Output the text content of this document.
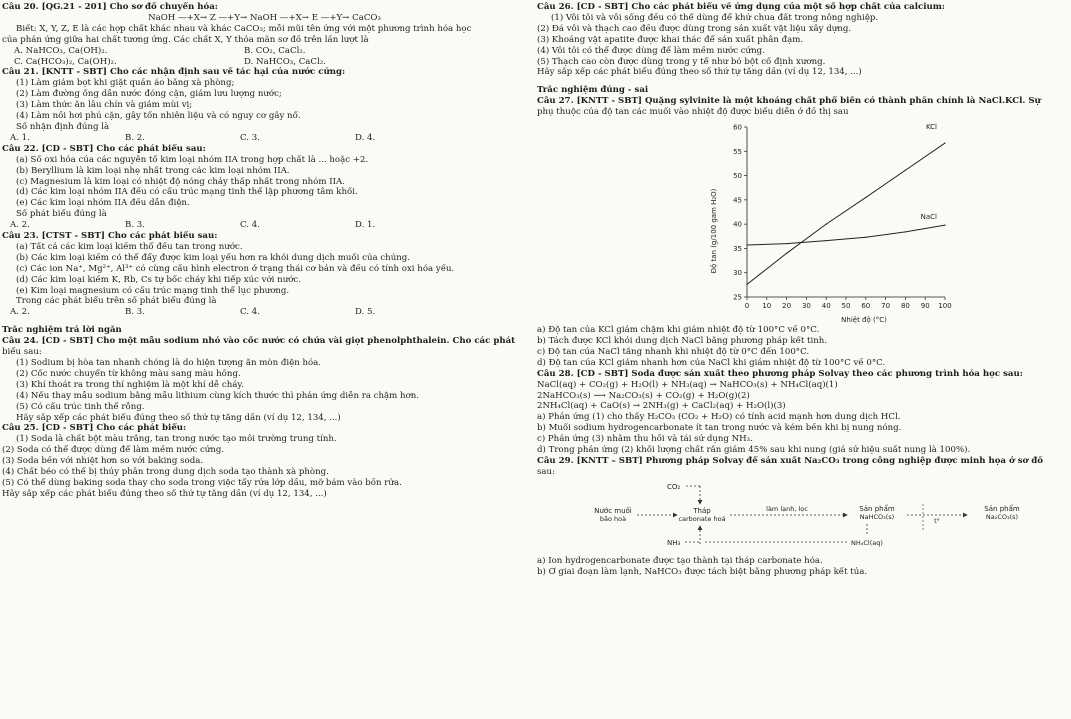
Câu 20. [QG.21 - 201] Cho sơ đồ chuyển hóa:
NaOH —+X→ Z —+Y→ NaOH —+X→ E —+Y→ CaCO₃
Biết: X, Y, Z, E là các hợp chất khác nhau và khác CaCO₃; mỗi mũi tên ứng với một phương trình hóa học
của phản ứng giữa hai chất tương ứng. Các chất X, Y thỏa mãn sơ đồ trên lần lượt là
A. NaHCO₃, Ca(OH)₂.	B. CO₂, CaCl₂.
C. Ca(HCO₃)₂, Ca(OH)₂.	D. NaHCO₃, CaCl₂.
Câu 21. [KNTT - SBT] Cho các nhận định sau về tác hại của nước cứng:
(1) Làm giảm bọt khi giặt quần áo bằng xà phòng;
(2) Làm đường ống dẫn nước đóng cặn, giảm lưu lượng nước;
(3) Làm thức ăn lâu chín và giảm mùi vị;
(4) Làm nồi hơi phủ cặn, gây tốn nhiên liệu và có nguy cơ gây nổ.
Số nhận định đúng là
A. 1.	B. 2.	C. 3.	D. 4.
Câu 22. [CD - SBT] Cho các phát biểu sau:
(a) Số oxi hóa của các nguyên tố kim loại nhóm IIA trong hợp chất là ... hoặc +2.
(b) Beryllium là kim loại nhẹ nhất trong các kim loại nhóm IIA.
(c) Magnesium là kim loại có nhiệt độ nóng chảy thấp nhất trong nhóm IIA.
(d) Các kim loại nhóm IIA đều có cấu trúc mạng tinh thể lập phương tâm khối.
(e) Các kim loại nhóm IIA đều dẫn điện.
Số phát biểu đúng là
A. 2.	B. 3.	C. 4.	D. 1.
Câu 23. [CTST - SBT] Cho các phát biểu sau:
(a) Tất cả các kim loại kiềm thổ đều tan trong nước.
(b) Các kim loại kiềm có thể đẩy được kim loại yếu hơn ra khỏi dung dịch muối của chúng.
(c) Các ion Na⁺, Mg²⁺, Al³⁺ có cùng cấu hình electron ở trạng thái cơ bản và đều có tính oxi hóa yếu.
(d) Các kim loại kiềm K, Rb, Cs tự bốc cháy khi tiếp xúc với nước.
(e) Kim loại magnesium có cấu trúc mạng tinh thể lục phương.
Trong các phát biểu trên số phát biểu đúng là
A. 2.	B. 3.	C. 4.	D. 5.
Trắc nghiệm trả lời ngắn
Câu 24. [CD - SBT] Cho một mẫu sodium nhỏ vào cốc nước có chứa vài giọt phenolphthalein. Cho các phát
biểu sau:
(1) Sodium bị hòa tan nhanh chóng là do hiện tượng ăn mòn điện hóa.
(2) Cốc nước chuyển từ không màu sang màu hồng.
(3) Khí thoát ra trong thí nghiệm là một khí dễ cháy.
(4) Nếu thay mẫu sodium bằng mẫu lithium cùng kích thước thì phản ứng diễn ra chậm hơn.
(5) Có cấu trúc tinh thể rỗng.
Hãy sắp xếp các phát biểu đúng theo số thứ tự tăng dần (ví dụ 12, 134, ...)
Câu 25. [CD - SBT] Cho các phát biểu:
(1) Soda là chất bột màu trắng, tan trong nước tạo môi trường trung tính.
(2) Soda có thể được dùng để làm mềm nước cứng.
(3) Soda bền với nhiệt hơn so với baking soda.
(4) Chất béo có thể bị thủy phân trong dung dịch soda tạo thành xà phòng.
(5) Có thể dùng baking soda thay cho soda trong việc tẩy rửa lớp dầu, mỡ bám vào bồn rửa.
Hãy sắp xếp các phát biểu đúng theo số thứ tự tăng dần (ví dụ 12, 134, ...)
Câu 26. [CD - SBT] Cho các phát biểu về ứng dụng của một số hợp chất của calcium:
(1) Vôi tôi và vôi sống đều có thể dùng để khử chua đất trong nông nghiệp.
(2) Đá vôi và thạch cao đều được dùng trong sản xuất vật liệu xây dựng.
(3) Khoáng vật apatite được khai thác để sản xuất phân đạm.
(4) Vôi tôi có thể được dùng để làm mềm nước cứng.
(5) Thạch cao còn được dùng trong y tế như bó bột cố định xương.
Hãy sắp xếp các phát biểu đúng theo số thứ tự tăng dần (ví dụ 12, 134, ...)
Trắc nghiệm đúng - sai
Câu 27. [KNTT - SBT] Quặng sylvinite là một khoáng chất phổ biến có thành phần chính là NaCl.KCl. Sự
phụ thuộc của độ tan các muối vào nhiệt độ được biểu diễn ở đồ thị sau
25
30
35
40
45
50
55
60
0 10 20 30 40 50 60 70 80 90 100
KCl
NaCl
Độ tan (g/100 gam H₂O)
Nhiệt độ (°C)
a) Độ tan của KCl giảm chậm khi giảm nhiệt độ từ 100°C về 0°C.
b) Tách được KCl khỏi dung dịch NaCl bằng phương pháp kết tinh.
c) Độ tan của NaCl tăng nhanh khi nhiệt độ từ 0°C đến 100°C.
d) Độ tan của KCl giảm nhanh hơn của NaCl khi giảm nhiệt độ từ 100°C về 0°C.
Câu 28. [CD - SBT] Soda được sản xuất theo phương pháp Solvay theo các phương trình hóa học sau:
NaCl(aq) + CO₂(g) + H₂O(l) + NH₃(aq) → NaHCO₃(s) + NH₄Cl(aq)(1)
2NaHCO₃(s) ⟶ Na₂CO₃(s) + CO₂(g) + H₂O(g)(2)
2NH₄Cl(aq) + CaO(s) → 2NH₃(g) + CaCl₂(aq) + H₂O(l)(3)
a) Phản ứng (1) cho thấy H₂CO₃ (CO₂ + H₂O) có tính acid mạnh hơn dung dịch HCl.
b) Muối sodium hydrogencarbonate ít tan trong nước và kém bền khi bị nung nóng.
c) Phản ứng (3) nhằm thu hồi và tái sử dụng NH₃.
d) Trong phản ứng (2) khối lượng chất rắn giảm 45% sau khi nung (giả sử hiệu suất nung là 100%).
Câu 29. [KNTT – SBT] Phương pháp Solvay để sản xuất Na₂CO₃ trong công nghiệp được minh họa ở sơ đồ
sau:
CO₂
Nước muối
bão hoà
Tháp
carbonate hoá
làm lạnh, lọc	Sản phẩm
NaHCO₃(s)	t°
Sản phẩm
Na₂CO₃(s)
NH₃	NH₄Cl(aq)
a) Ion hydrogencarbonate được tạo thành tại tháp carbonate hóa.
b) Ở giai đoạn làm lạnh, NaHCO₃ được tách biệt bằng phương pháp kết tủa.
